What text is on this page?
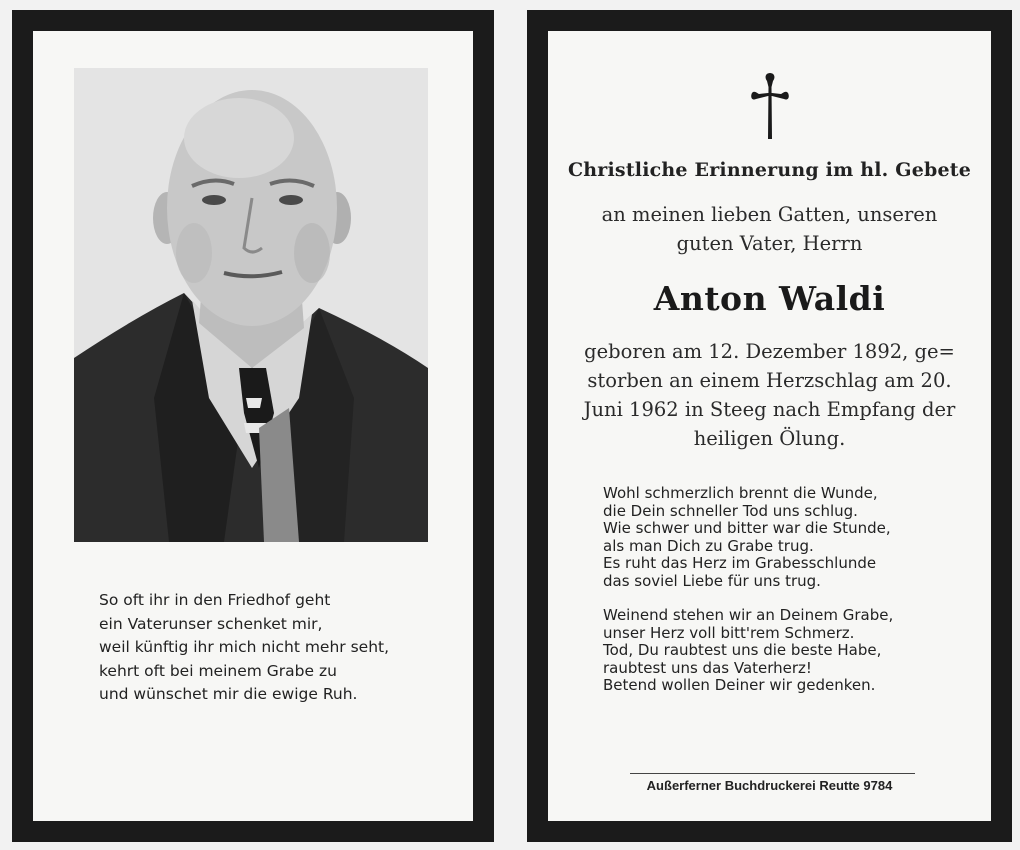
So oft ihr in den Friedhof geht
ein Vaterunser schenket mir,
weil künftig ihr mich nicht mehr seht,
kehrt oft bei meinem Grabe zu
und wünschet mir die ewige Ruh.
Christliche Erinnerung im hl. Gebete
an meinen lieben Gatten, unseren
guten Vater, Herrn
Anton Waldi
geboren am 12. Dezember 1892, ge=
storben an einem Herzschlag am 20.
Juni 1962 in Steeg nach Empfang der
heiligen Ölung.
Wohl schmerzlich brennt die Wunde,
die Dein schneller Tod uns schlug.
Wie schwer und bitter war die Stunde,
als man Dich zu Grabe trug.
Es ruht das Herz im Grabesschlunde
das soviel Liebe für uns trug.
Weinend stehen wir an Deinem Grabe,
unser Herz voll bitt'rem Schmerz.
Tod, Du raubtest uns die beste Habe,
raubtest uns das Vaterherz!
Betend wollen Deiner wir gedenken.
Außerferner Buchdruckerei Reutte 9784
